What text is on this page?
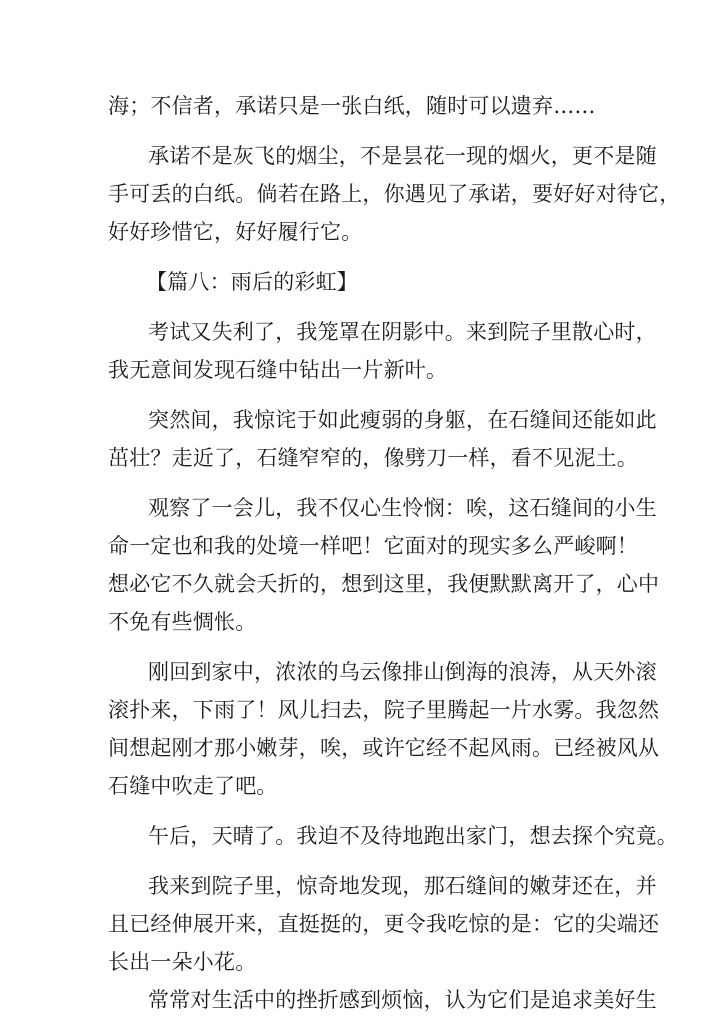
海；不信者，承诺只是一张白纸，随时可以遗弃……
承诺不是灰飞的烟尘，不是昙花一现的烟火，更不是随
手可丢的白纸。倘若在路上，你遇见了承诺，要好好对待它，
好好珍惜它，好好履行它。
【篇八：雨后的彩虹】
考试又失利了，我笼罩在阴影中。来到院子里散心时，
我无意间发现石缝中钻出一片新叶。
突然间，我惊诧于如此瘦弱的身躯，在石缝间还能如此
茁壮？走近了，石缝窄窄的，像劈刀一样，看不见泥土。
观察了一会儿，我不仅心生怜悯：唉，这石缝间的小生
命一定也和我的处境一样吧！它面对的现实多么严峻啊！
想必它不久就会夭折的，想到这里，我便默默离开了，心中
不免有些惆怅。
刚回到家中，浓浓的乌云像排山倒海的浪涛，从天外滚
滚扑来，下雨了！风儿扫去，院子里腾起一片水雾。我忽然
间想起刚才那小嫩芽，唉，或许它经不起风雨。已经被风从
石缝中吹走了吧。
午后，天晴了。我迫不及待地跑出家门，想去探个究竟。
我来到院子里，惊奇地发现，那石缝间的嫩芽还在，并
且已经伸展开来，直挺挺的，更令我吃惊的是：它的尖端还
长出一朵小花。
常常对生活中的挫折感到烦恼，认为它们是追求美好生
